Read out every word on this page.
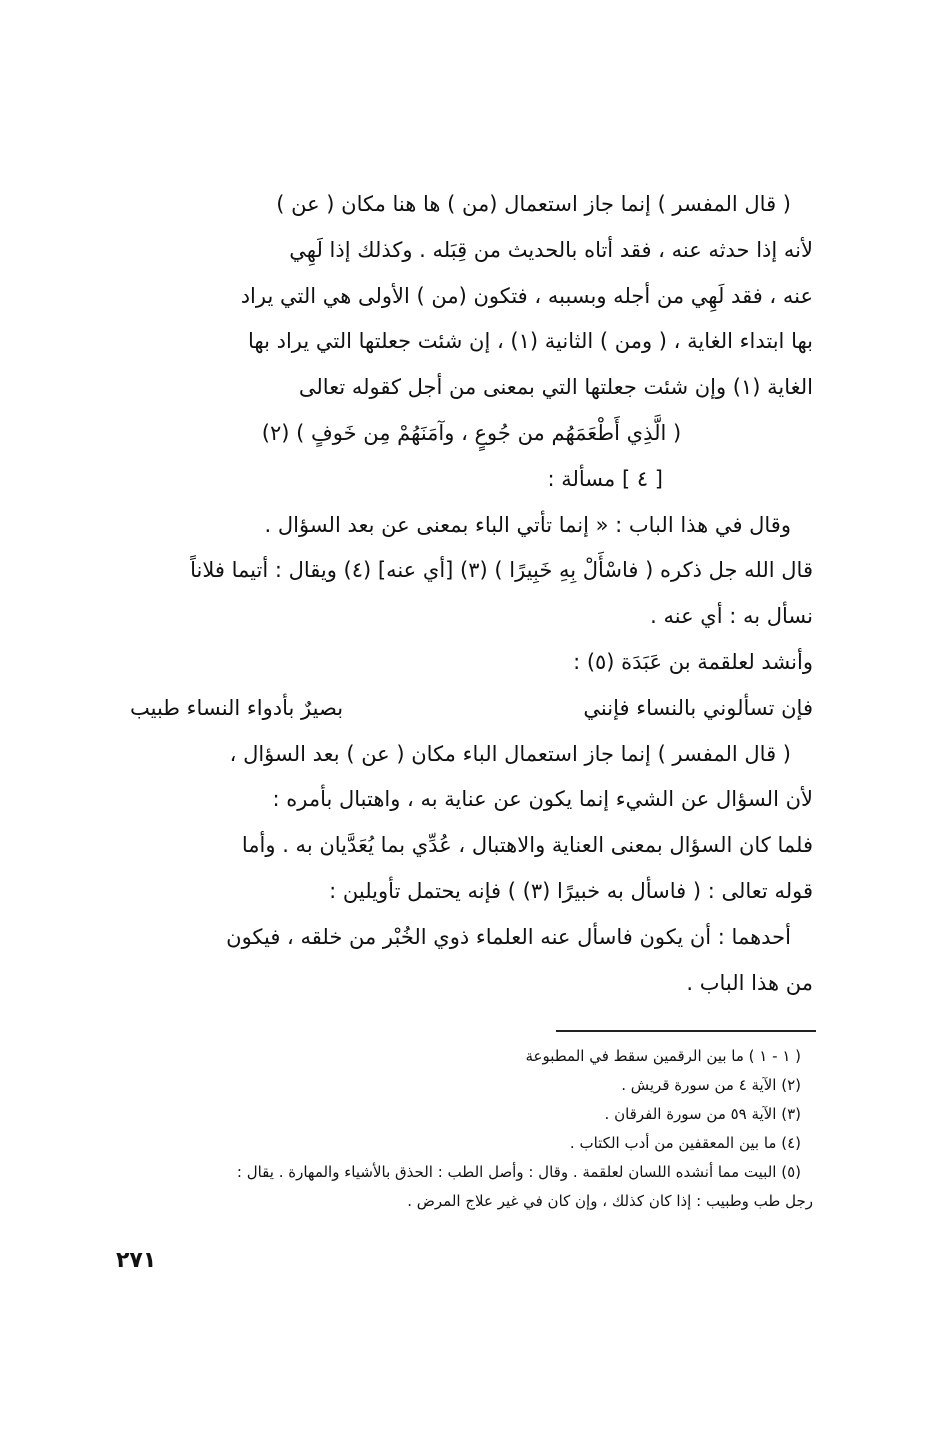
( قال المفسر ) إنما جاز استعمال (من ) ها هنا مكان ( عن )
لأنه إذا حدثه عنه ، فقد أتاه بالحديث من قِبَله . وكذلك إذا لَهِي
عنه ، فقد لَهِي من أجله وبسببه ، فتكون (من ) الأولى هي التي يراد
بها ابتداء الغاية ، ( ومن ) الثانية (١) ، إن شئت جعلتها التي يراد بها
الغاية (١) وإن شئت جعلتها التي بمعنى من أجل كقوله تعالى
( الَّذِي أَطْعَمَهُم من جُوعٍ ، وآمَنَهُمْ مِن خَوفٍ ) (٢)
[ ٤ ] مسألة :
وقال في هذا الباب : « إنما تأتي الباء بمعنى عن بعد السؤال .
قال الله جل ذكره ( فاسْأَلْ بِهِ خَبِيرًا ) (٣) [أي عنه] (٤) ويقال : أتيما فلاناً
نسأل به : أي عنه .
وأنشد لعلقمة بن عَبَدَة (٥) :
فإن تسألوني بالنساء فإنني
بصيرٌ بأدواء النساء طبيب
( قال المفسر ) إنما جاز استعمال الباء مكان ( عن ) بعد السؤال ،
لأن السؤال عن الشيء إنما يكون عن عناية به ، واهتبال بأمره :
فلما كان السؤال بمعنى العناية والاهتبال ، عُدِّي بما يُعَدَّيان به . وأما
قوله تعالى : ( فاسأل به خبيرًا (٣) ) فإنه يحتمل تأويلين :
أحدهما : أن يكون فاسأل عنه العلماء ذوي الخُبْر من خلقه ، فيكون
من هذا الباب .
( ١ - ١ ) ما بين الرقمين سقط في المطبوعة
(٢) الآية ٤ من سورة قريش .
(٣) الآية ٥٩ من سورة الفرقان .
(٤) ما بين المعقفين من أدب الكتاب .
(٥) البيت مما أنشده اللسان لعلقمة . وقال : وأصل الطب : الحذق بالأشياء والمهارة . يقال :
رجل طب وطبيب : إذا كان كذلك ، وإن كان في غير علاج المرض .
٢٧١
